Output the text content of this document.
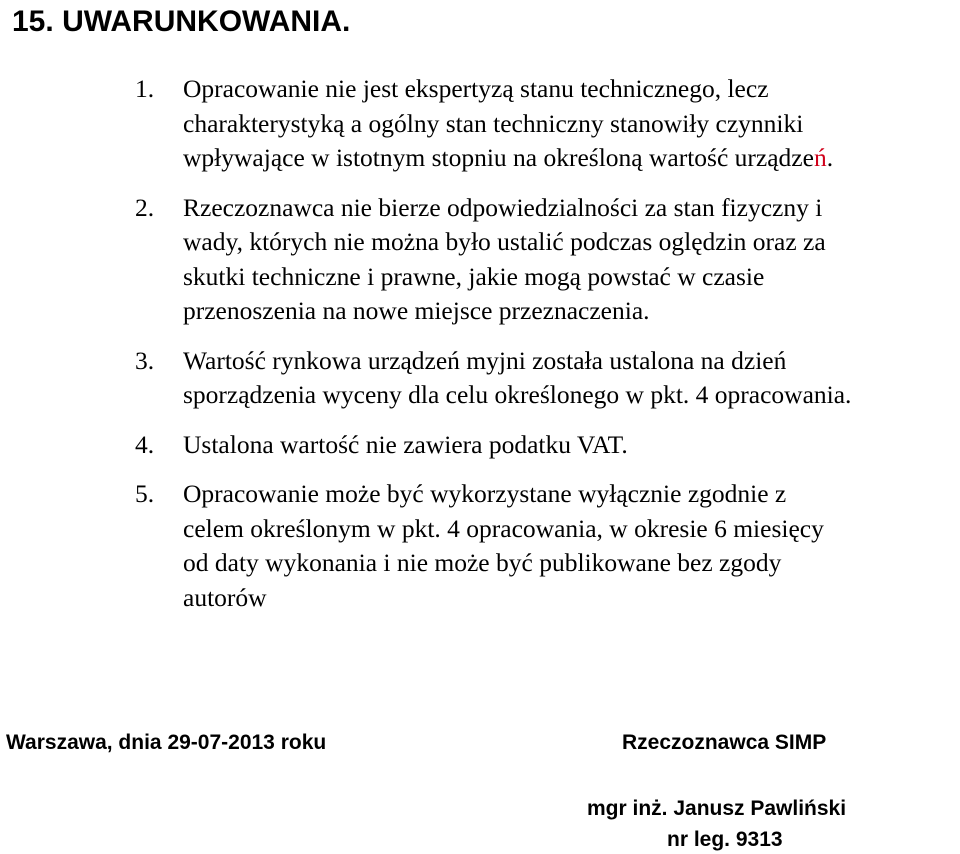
15. UWARUNKOWANIA.
1.	Opracowanie nie jest ekspertyzą stanu technicznego, lecz
charakterystyką a ogólny stan techniczny stanowiły czynniki
wpływające w istotnym stopniu na określoną wartość urządzeń.
2.	Rzeczoznawca nie bierze odpowiedzialności za stan fizyczny i
wady, których nie można było ustalić podczas oględzin oraz za
skutki techniczne i prawne, jakie mogą powstać w czasie
przenoszenia na nowe miejsce przeznaczenia.
3.	Wartość rynkowa urządzeń myjni została ustalona na dzień
sporządzenia wyceny dla celu określonego w pkt. 4 opracowania.
4.	Ustalona wartość nie zawiera podatku VAT.
5.	Opracowanie może być wykorzystane wyłącznie zgodnie z
celem określonym w pkt. 4 opracowania, w okresie 6 miesięcy
od daty wykonania i nie może być publikowane bez zgody
autorów
Warszawa, dnia 29-07-2013 roku	Rzeczoznawca SIMP
mgr inż. Janusz Pawliński
nr leg. 9313
